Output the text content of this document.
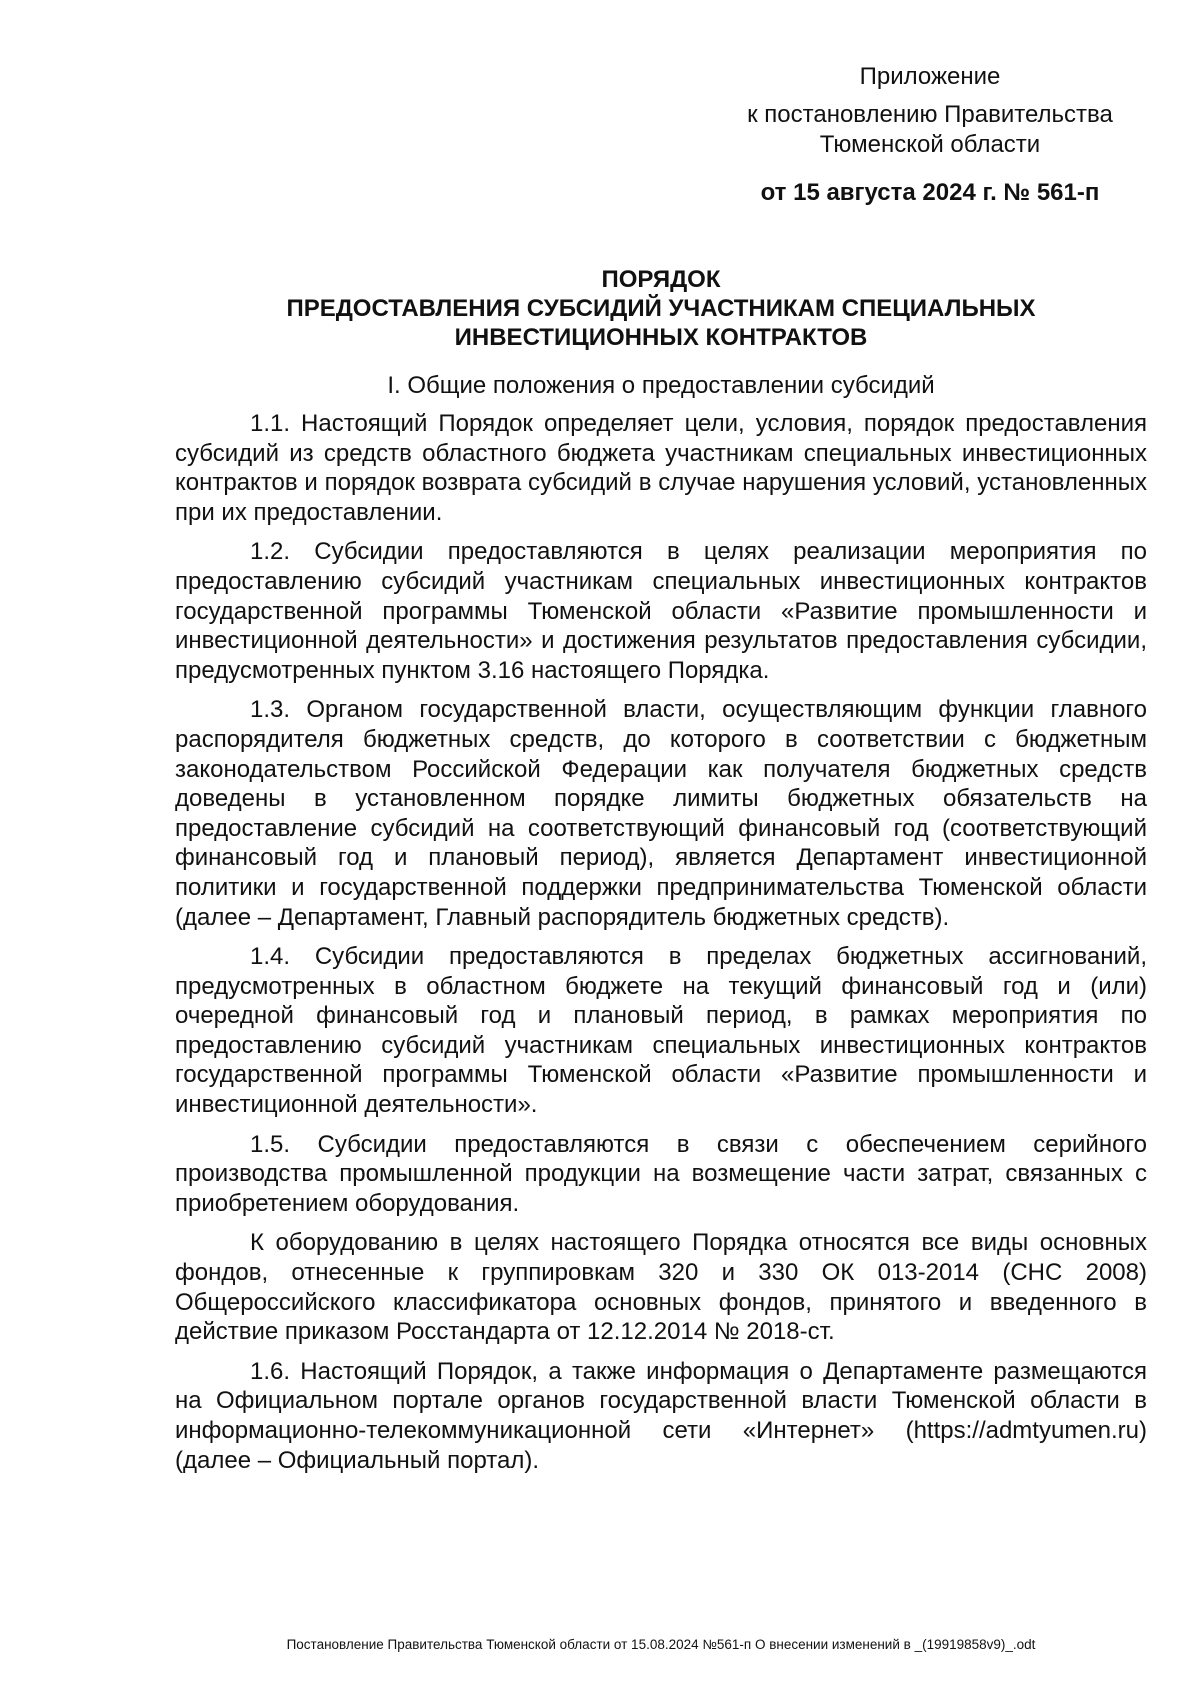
Приложение
к постановлению Правительства
Тюменской области
от 15 августа 2024 г. № 561-п
ПОРЯДОК
ПРЕДОСТАВЛЕНИЯ СУБСИДИЙ УЧАСТНИКАМ СПЕЦИАЛЬНЫХ
ИНВЕСТИЦИОННЫХ КОНТРАКТОВ
I. Общие положения о предоставлении субсидий

1.1. Настоящий Порядок определяет цели, условия, порядок предоставления субсидий из средств областного бюджета участникам специальных инвестиционных контрактов и порядок возврата субсидий в случае нарушения условий, установленных при их предоставлении.

1.2. Субсидии предоставляются в целях реализации мероприятия по предоставлению субсидий участникам специальных инвестиционных контрактов государственной программы Тюменской области «Развитие промышленности и инвестиционной деятельности» и достижения результатов предоставления субсидии, предусмотренных пунктом 3.16 настоящего Порядка.

1.3. Органом государственной власти, осуществляющим функции главного распорядителя бюджетных средств, до которого в соответствии с бюджетным законодательством Российской Федерации как получателя бюджетных средств доведены в установленном порядке лимиты бюджетных обязательств на предоставление субсидий на соответствующий финансовый год (соответствующий финансовый год и плановый период), является Департамент инвестиционной политики и государственной поддержки предпринимательства Тюменской области (далее – Департамент, Главный распорядитель бюджетных средств).

1.4. Субсидии предоставляются в пределах бюджетных ассигнований, предусмотренных в областном бюджете на текущий финансовый год и (или) очередной финансовый год и плановый период, в рамках мероприятия по предоставлению субсидий участникам специальных инвестиционных контрактов государственной программы Тюменской области «Развитие промышленности и инвестиционной деятельности».

1.5. Субсидии предоставляются в связи с обеспечением серийного производства промышленной продукции на возмещение части затрат, связанных с приобретением оборудования.

К оборудованию в целях настоящего Порядка относятся все виды основных фондов, отнесенные к группировкам 320 и 330 ОК 013-2014 (СНС 2008) Общероссийского классификатора основных фондов, принятого и введенного в действие приказом Росстандарта от 12.12.2014 № 2018-ст.

1.6. Настоящий Порядок, а также информация о Департаменте размещаются на Официальном портале органов государственной власти Тюменской области в информационно-телекоммуникационной сети «Интернет» (https://admtyumen.ru) (далее – Официальный портал).

Постановление Правительства Тюменской области от 15.08.2024 №561-п О внесении изменений в _(19919858v9)_.odt
